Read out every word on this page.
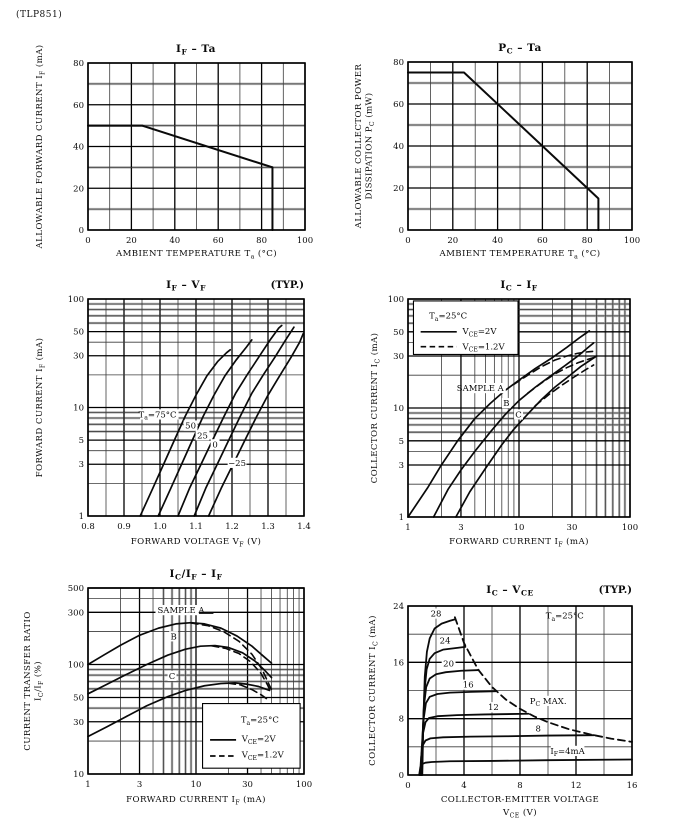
(TLP851)
0	20	40	60	80	100
0
20
40
60
80
AMBIENT TEMPERATURE $T_a$ (°C)
ALLOWABLE FORWARD CURRENT $I_F$ (mA)	$I_F$ – Ta
0	20	40	60	80	100
0
20
40
60
80
AMBIENT TEMPERATURE $T_a$ (°C)
ALLOWABLE COLLECTOR POWERDISSIPATION $P_C$ (mW)
$P_C$ – Ta
0.8	0.9	1.0	1.1	1.2	1.3	1.4
1
3
5
10
30
50
100
FORWARD VOLTAGE $V_F$ (V)
FORWARD CURRENT $I_F$ (mA)
$I_F - V_F$	(TYP.)
$T_a=75^\circ C$
50
25
0
−25
1	3	10	30	100
1
3
5
10
30
50
100
FORWARD CURRENT $I_F$ (mA)
COLLECTOR CURRENT $I_C$ (mA)
$I_C - I_F$
SAMPLE A
B
C
$T_a=25^\circ C$
$V_{CE}=2V$
$V_{CE}=1.2V$
1	3	10	30	100
10
30
50
100
300
500
FORWARD CURRENT $I_F$ (mA)
CURRENT TRANSFER $RATIOI_C/I_F$ (%)
$I_C/I_F - I_F$
SAMPLE A
B
C
$T_a=25^\circ C$
$V_{CE}=2V$
$V_{CE}=1.2V$
0	4	8	12	16
0
8
16
24
COLLECTOR-EMITTER VOLTAGE $V_{CE}$ (V)
COLLECTOR CURRENT $I_C$ (mA)
$I_C - V_{CE}$	(TYP.)
$T_a=25^\circ C$
28
24
20
16
12
8
$I_F=4mA$
$P_C$ MAX.
